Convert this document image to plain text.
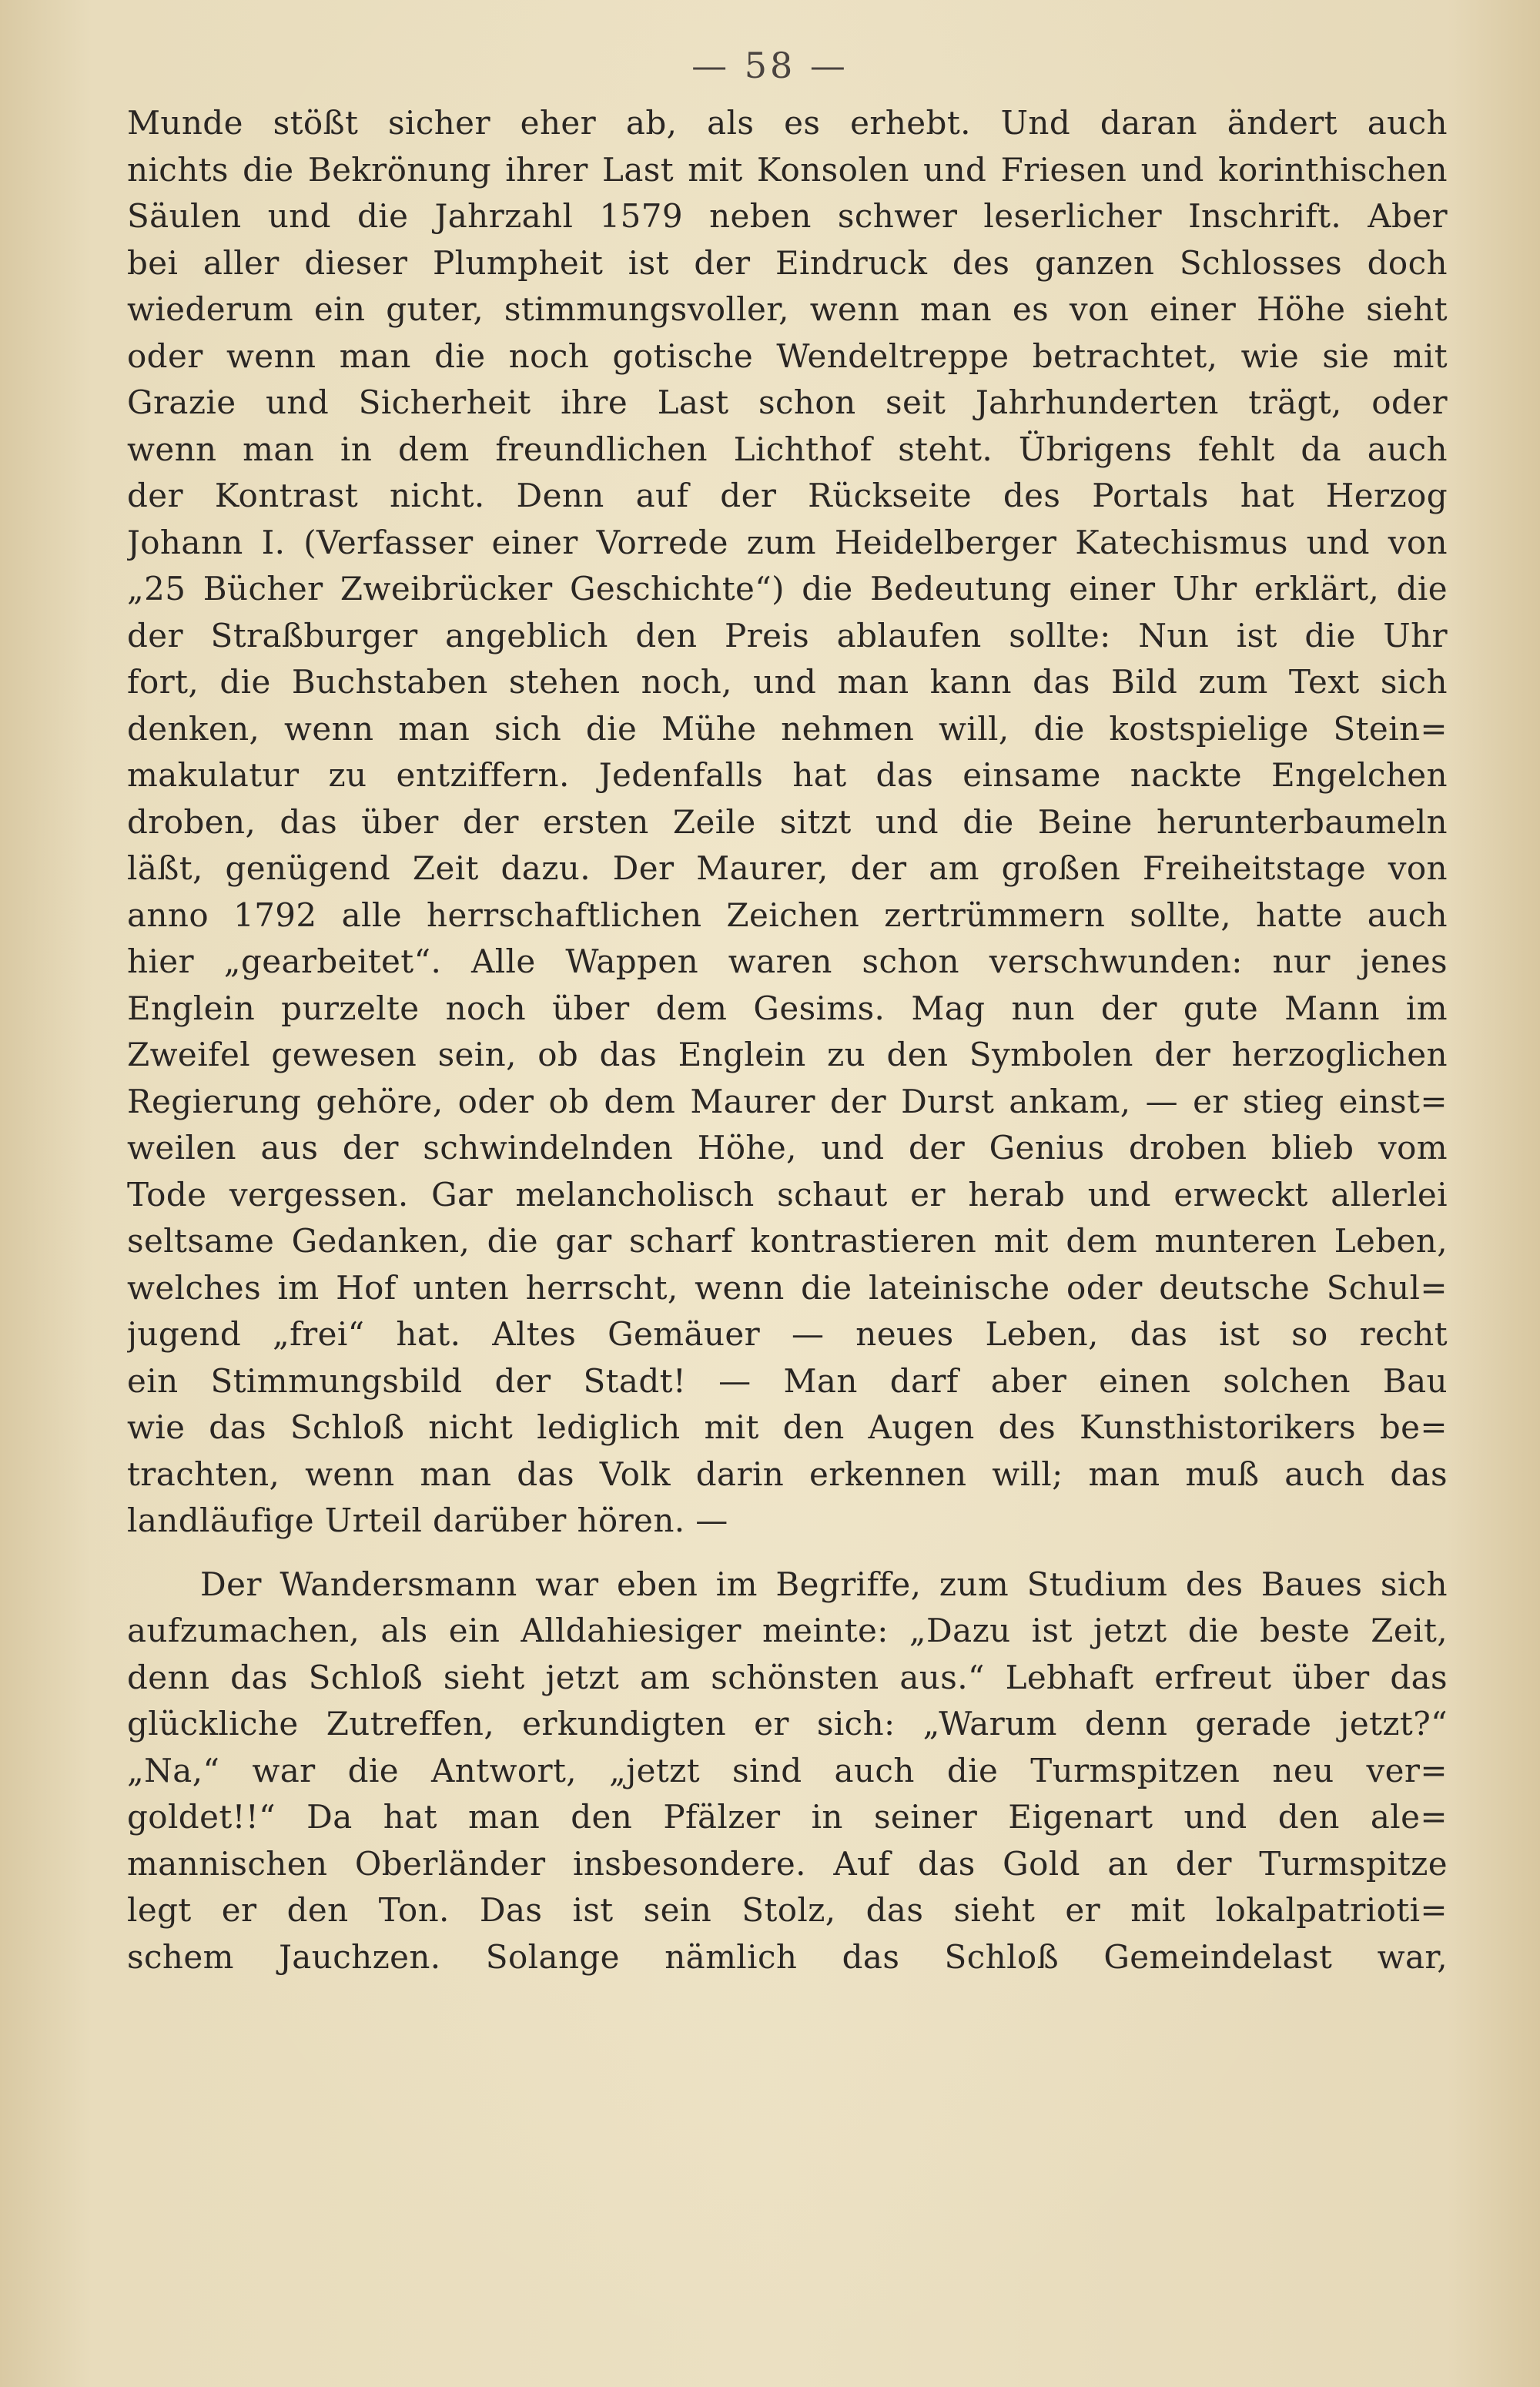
— 58 —
Munde stößt sicher eher ab, als es erhebt. Und daran ändert auch
nichts die Bekrönung ihrer Last mit Konsolen und Friesen und korinthischen
Säulen und die Jahrzahl 1579 neben schwer leserlicher Inschrift. Aber
bei aller dieser Plumpheit ist der Eindruck des ganzen Schlosses doch
wiederum ein guter, stimmungsvoller, wenn man es von einer Höhe sieht
oder wenn man die noch gotische Wendeltreppe betrachtet, wie sie mit
Grazie und Sicherheit ihre Last schon seit Jahrhunderten trägt, oder
wenn man in dem freundlichen Lichthof steht. Übrigens fehlt da auch
der Kontrast nicht. Denn auf der Rückseite des Portals hat Herzog
Johann I. (Verfasser einer Vorrede zum Heidelberger Katechismus und von
„25 Bücher Zweibrücker Geschichte“) die Bedeutung einer Uhr erklärt, die
der Straßburger angeblich den Preis ablaufen sollte: Nun ist die Uhr
fort, die Buchstaben stehen noch, und man kann das Bild zum Text sich
denken, wenn man sich die Mühe nehmen will, die kostspielige Stein=
makulatur zu entziffern. Jedenfalls hat das einsame nackte Engelchen
droben, das über der ersten Zeile sitzt und die Beine herunterbaumeln
läßt, genügend Zeit dazu. Der Maurer, der am großen Freiheitstage von
anno 1792 alle herrschaftlichen Zeichen zertrümmern sollte, hatte auch
hier „gearbeitet“. Alle Wappen waren schon verschwunden: nur jenes
Englein purzelte noch über dem Gesims. Mag nun der gute Mann im
Zweifel gewesen sein, ob das Englein zu den Symbolen der herzoglichen
Regierung gehöre, oder ob dem Maurer der Durst ankam, — er stieg einst=
weilen aus der schwindelnden Höhe, und der Genius droben blieb vom
Tode vergessen. Gar melancholisch schaut er herab und erweckt allerlei
seltsame Gedanken, die gar scharf kontrastieren mit dem munteren Leben,
welches im Hof unten herrscht, wenn die lateinische oder deutsche Schul=
jugend „frei“ hat. Altes Gemäuer — neues Leben, das ist so recht
ein Stimmungsbild der Stadt! — Man darf aber einen solchen Bau
wie das Schloß nicht lediglich mit den Augen des Kunsthistorikers be=
trachten, wenn man das Volk darin erkennen will; man muß auch das
landläufige Urteil darüber hören. —
Der Wandersmann war eben im Begriffe, zum Studium des Baues sich
aufzumachen, als ein Alldahiesiger meinte: „Dazu ist jetzt die beste Zeit,
denn das Schloß sieht jetzt am schönsten aus.“ Lebhaft erfreut über das
glückliche Zutreffen, erkundigten er sich: „Warum denn gerade jetzt?“
„Na,“ war die Antwort, „jetzt sind auch die Turmspitzen neu ver=
goldet!!“ Da hat man den Pfälzer in seiner Eigenart und den ale=
mannischen Oberländer insbesondere. Auf das Gold an der Turmspitze
legt er den Ton. Das ist sein Stolz, das sieht er mit lokalpatrioti=
schem Jauchzen. Solange nämlich das Schloß Gemeindelast war,
